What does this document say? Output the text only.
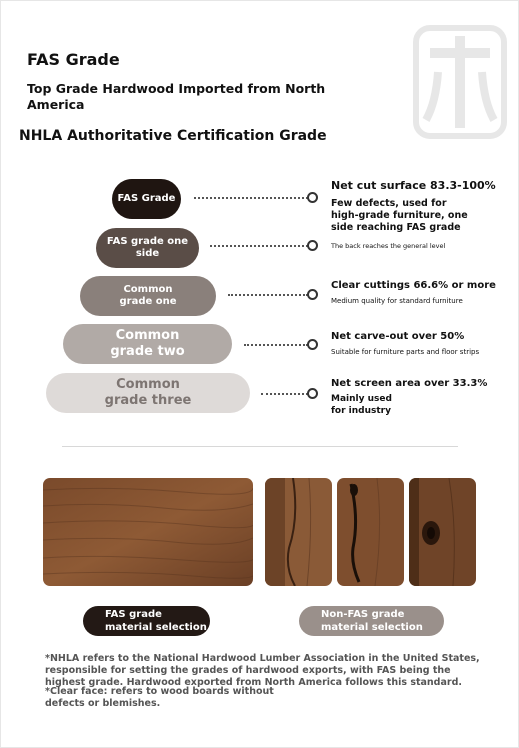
FAS Grade
Top Grade Hardwood Imported from North America
NHLA Authoritative Certification Grade
FAS Grade
FAS grade one
side
Common
grade one
Common
grade two
Common
grade three
Net cut surface 83.3-100%
Few defects, used for high-grade furniture, one side reaching FAS grade
The back reaches the general level
Clear cuttings 66.6% or more
Medium quality for standard furniture
Net carve-out over 50%
Suitable for furniture parts and floor strips
Net screen area over 33.3%
Mainly used for industry
FAS grade
material selection
Non-FAS grade
material selection
*NHLA refers to the National Hardwood Lumber Association in the United States, responsible for setting the grades of hardwood exports, with FAS being the highest grade. Hardwood exported from North America follows this standard.
*Clear face: refers to wood boards without defects or blemishes.
